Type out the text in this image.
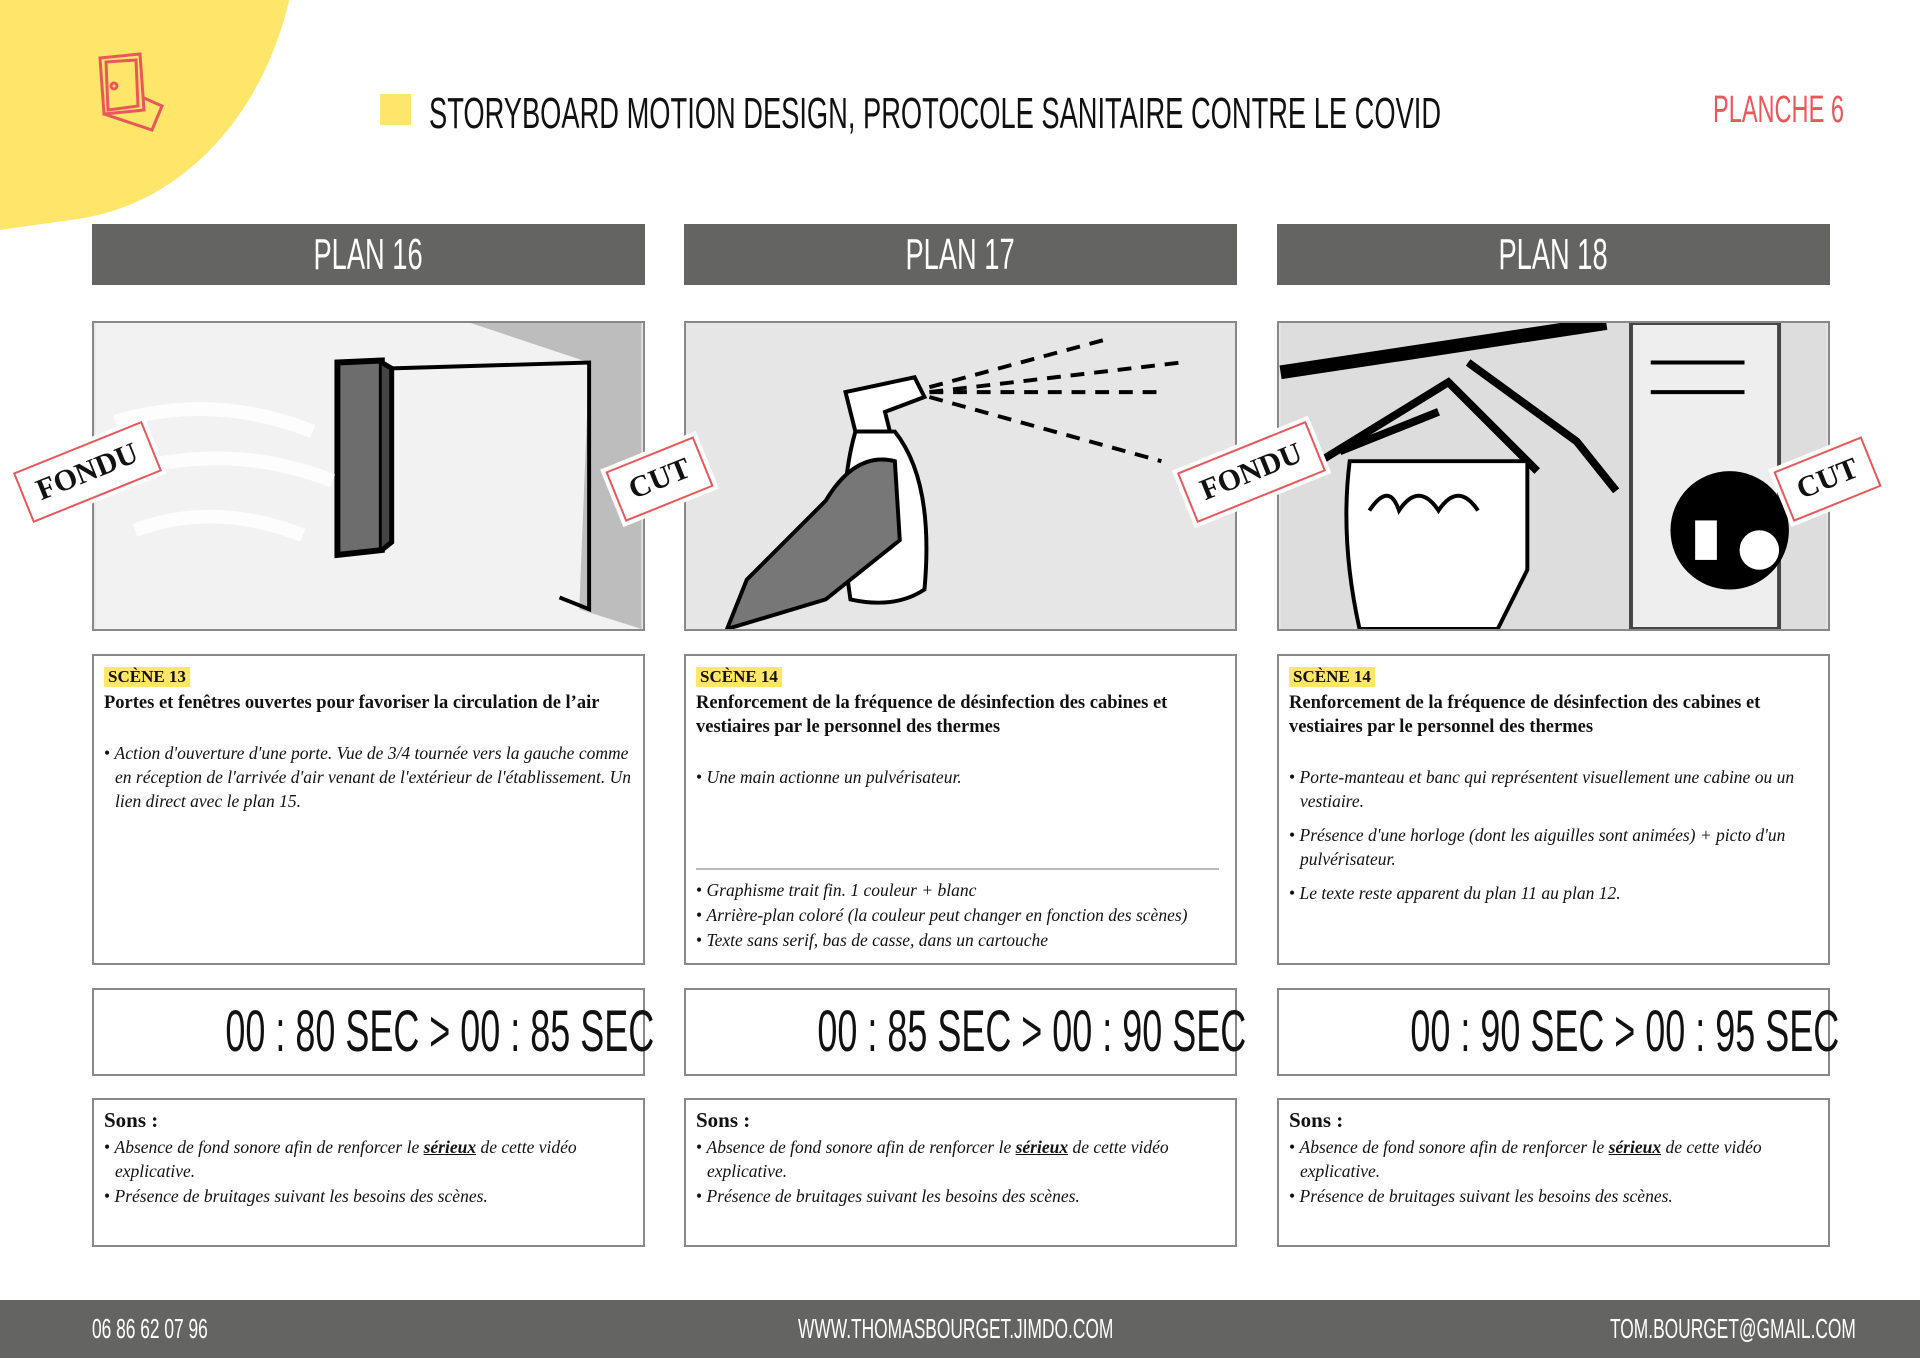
STORYBOARD MOTION DESIGN, PROTOCOLE SANITAIRE CONTRE LE COVID	PLANCHE 6
PLAN 16
SCÈNE 13
Portes et fenêtres ouvertes pour favoriser la circulation de l’air
• Action d'ouverture d'une porte. Vue de 3/4 tournée vers la gauche comme en réception de l'arrivée d'air venant de l'extérieur de l'établissement. Un lien direct avec le plan 15.
00 : 80 SEC > 00 : 85 SEC
Sons :
• Absence de fond sonore afin de renforcer le sérieux de cette vidéo explicative.
• Présence de bruitages suivant les besoins des scènes.
PLAN 17
SCÈNE 14
Renforcement de la fréquence de désinfection des cabines et vestiaires par le personnel des thermes
• Une main actionne un pulvérisateur.
• Graphisme trait fin. 1 couleur + blanc
• Arrière-plan coloré (la couleur peut changer en fonction des scènes)
• Texte sans serif, bas de casse, dans un cartouche
00 : 85 SEC > 00 : 90 SEC
Sons :
• Absence de fond sonore afin de renforcer le sérieux de cette vidéo explicative.
• Présence de bruitages suivant les besoins des scènes.
PLAN 18
SCÈNE 14
Renforcement de la fréquence de désinfection des cabines et vestiaires par le personnel des thermes
• Porte-manteau et banc qui représentent visuellement une cabine ou un vestiaire.
• Présence d'une horloge (dont les aiguilles sont animées) + picto d'un pulvérisateur.
• Le texte reste apparent du plan 11 au plan 12.
00 : 90 SEC > 00 : 95 SEC
Sons :
• Absence de fond sonore afin de renforcer le sérieux de cette vidéo explicative.
• Présence de bruitages suivant les besoins des scènes.
FONDU	CUT	FONDU	CUT
06 86 62 07 96	WWW.THOMASBOURGET.JIMDO.COM	TOM.BOURGET@GMAIL.COM
